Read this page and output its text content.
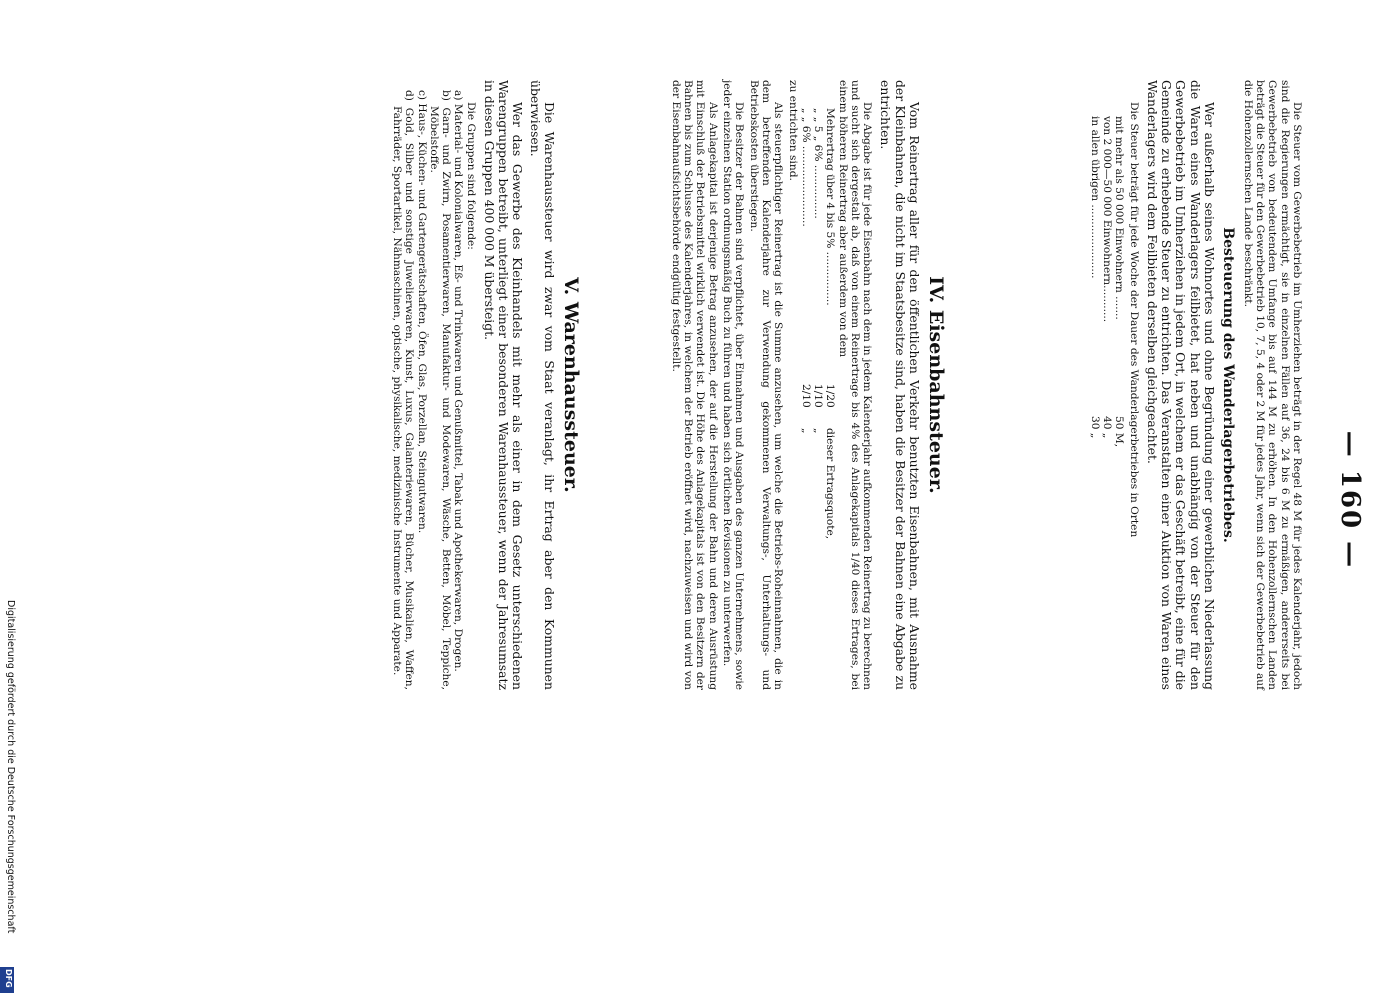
— 160 —

Die Steuer vom Gewerbebetrieb im Umherziehen beträgt in der Regel 48 M für jedes Kalenderjahr, jedoch sind die Regierungen ermächtigt, sie in einzelnen Fällen auf 36, 24 bis 6 M zu ermäßigen, andererseits bei Gewerbebetrieb von bedeutendem Umfange bis auf 144 M zu erhöhen. In den Hohenzollernschen Landen beträgt die Steuer für den Gewerbebetrieb 10, 7, 5, 4 oder 2 M für jedes Jahr, wenn sich der Gewerbebetrieb auf die Hohenzollernschen Lande beschränkt.

Besteuerung des Wanderlagerbetriebes.

Wer außerhalb seines Wohnortes und ohne Begründung einer gewerblichen Niederlassung die Waren eines Wanderlagers feilbietet, hat neben und unabhängig von der Steuer für den Gewerbebetrieb im Umherziehen in jedem Ort, in welchem er das Geschäft betreibt, eine für die Gemeinde zu erhebende Steuer zu entrichten. Das Veranstalten einer Auktion von Waren eines Wanderlagers wird dem Feilbieten derselben gleichgeachtet.

Die Steuer beträgt für jede Woche der Dauer des Wanderlagerbetriebes in Orten

mit mehr als 50 000 Einwohnern .......
50 M,
von 2 000—50 000 Einwohnern...........
40 „
in allen übrigen ......................
30 „
IV. Eisenbahnsteuer.

Vom Reinertrag aller für den öffentlichen Verkehr benutzten Eisenbahnen, mit Ausnahme der Kleinbahnen, die nicht im Staatsbesitze sind, haben die Besitzer der Bahnen eine Abgabe zu entrichten.

Die Abgabe ist für jede Eisenbahn nach dem in jedem Kalenderjahr aufkommenden Reinertrag zu berechnen und sucht sich dergestalt ab, daß von einem Reinertrage bis 4% des Anlagekapitals 1/40 dieses Ertrages, bei einem höheren Reinertrag aber außerdem von dem

Mehrertrag über 4 bis 5% ................
1/20
dieser Ertragsquote,
„ „ 5 „ 6% ................
1/10
„
„ „ 6% ........................
2/10
„

zu entrichten sind.

Als steuerpflichtiger Reinertrag ist die Summe anzusehen, um welche die Betriebs-Roheinnahmen, die in dem betreffenden Kalenderjahre zur Verwendung gekommenen Verwaltungs-, Unterhaltungs- und Betriebskosten überstiegen.

Die Besitzer der Bahnen sind verpflichtet, über Einnahmen und Ausgaben des ganzen Unternehmens, sowie jeder einzelnen Station ordnungsmäßig Buch zu führen und haben sich örtlichen Revisionen zu unterwerfen.

Als Anlagekapital ist derjenige Betrag anzusehen, der auf die Herstellung der Bahn und deren Ausrüstung mit Einschluß der Betriebsmittel wirklich verwendet ist. Die Höhe des Anlagekapitals ist von den Besitzern der Bahnen bis zum Schlusse des Kalenderjahres, in welchem der Betrieb eröffnet wird, nachzuweisen und wird von der Eisenbahnaufsichtsbehörde endgültig festgestellt.

V. Warenhaussteuer.

Die Warenhaussteuer wird zwar vom Staat veranlagt, ihr Ertrag aber den Kommunen überwiesen.

Wer das Gewerbe des Kleinhandels mit mehr als einer in dem Gesetz unterschiedenen Warengruppen betreibt, unterliegt einer besonderen Warenhaussteuer, wenn der Jahresumsatz in diesen Gruppen 400 000 M übersteigt.

Die Gruppen sind folgende:

a) Material- und Kolonialwaren, Eß- und Trinkwaren und Genußmittel, Tabak und Apothekerwaren, Drogen.
b) Garn- und Zwirn, Posamentierwaren, Manufaktur- und Modewaren, Wäsche, Betten, Möbel, Teppiche, Möbelstoffe.
c) Haus-, Küchen- und Gartengerätschaften, Öfen, Glas, Porzellan, Steingutwaren.
d) Gold, Silber und sonstige Juwelierwaren, Kunst, Luxus, Galanteriewaren, Bücher, Musikalien, Waffen, Fahrräder, Sportartikel, Nähmaschinen, optische, physikalische, medizinische Instrumente und Apparate.
Digitalisierung gefördert durch die Deutsche Forschungsgemeinschaft
DFG
